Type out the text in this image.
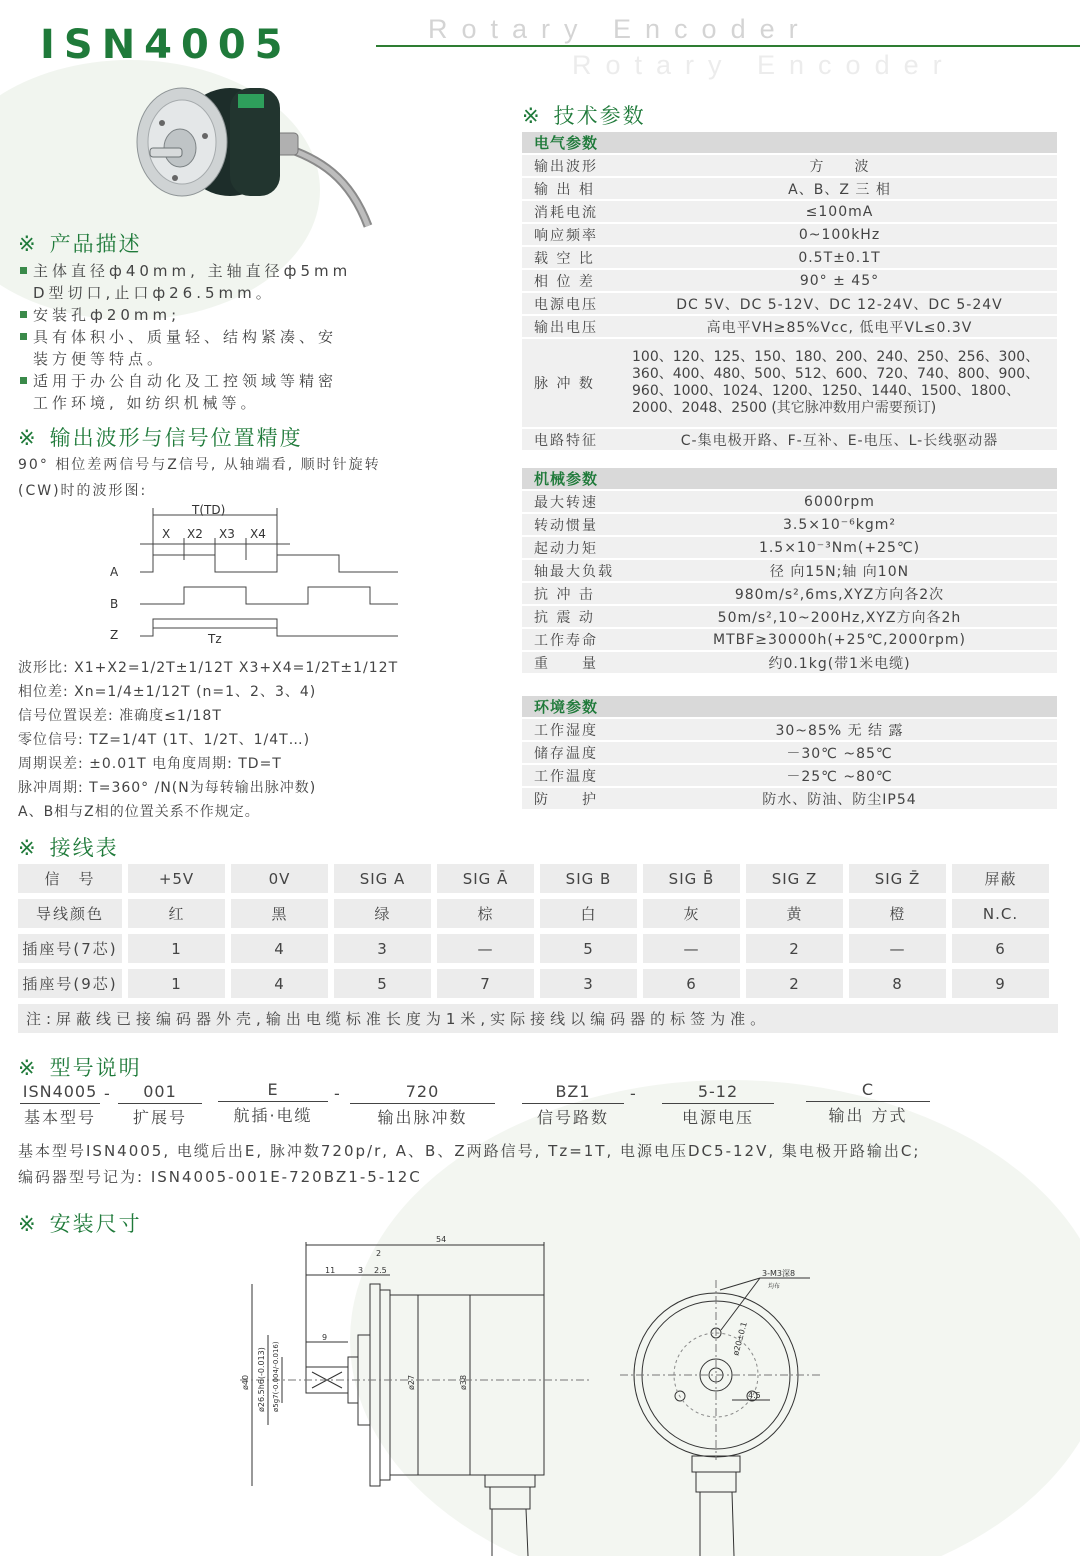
ISN4005	Rotary Encoder
Rotary Encoder
※ 产品描述
主体直径ф40mm, 主轴直径ф5mm
D型切口,止口ф26.5mm。
安装孔ф20mm;
具有体积小、质量轻、结构紧凑、安
装方便等特点。
适用于办公自动化及工控领域等精密
工作环境, 如纺织机械等。
※ 输出波形与信号位置精度
90° 相位差两信号与Z信号, 从轴端看, 顺时针旋转
(CW)时的波形图:
T(TD)
X X2 X3 X4
A
B
Z	Tz
波形比: X1+X2=1/2T±1/12T X3+X4=1/2T±1/12T
相位差: Xn=1/4±1/12T (n=1、2、3、4)
信号位置误差: 准确度≤1/18T
零位信号: TZ=1/4T (1T、1/2T、1/4T…)
周期误差: ±0.01T 电角度周期: TD=T
脉冲周期: T=360° /N(N为每转输出脉冲数)
A、B相与Z相的位置关系不作规定。
※ 技术参数
电气参数
输出波形	方　　波
输 出 相	A、B、Z 三 相
消耗电流	≤100mA
响应频率	0~100kHz
载 空 比	0.5T±0.1T
相 位 差	90° ± 45°
电源电压	DC 5V、DC 5-12V、DC 12-24V、DC 5-24V
输出电压	高电平VH≥85%Vcc, 低电平VL≤0.3V
脉 冲 数
100、120、125、150、180、200、240、250、256、300、360、400、480、500、512、600、720、740、800、900、960、1000、1024、1200、1250、1440、1500、1800、2000、2048、2500 (其它脉冲数用户需要预订)
电路特征	C-集电极开路、F-互补、E-电压、L-长线驱动器
机械参数
最大转速	6000rpm
转动惯量	3.5×10⁻⁶kgm²
起动力矩	1.5×10⁻³Nm(+25℃)
轴最大负载	径 向15N;轴 向10N
抗 冲 击	980m/s²,6ms,XYZ方向各2次
抗 震 动	50m/s²,10~200Hz,XYZ方向各2h
工作寿命	MTBF≥30000h(+25℃,2000rpm)
重　　量	约0.1kg(带1米电缆)
环境参数
工作湿度	30~85% 无 结 露
储存温度	－30℃ ~85℃
工作温度	－25℃ ~80℃
防　　护	防水、防油、防尘IP54
※ 接线表
信　号	+5V	0V	SIG A	SIG Ā	SIG B	SIG B̄	SIG Z	SIG Z̄	屏蔽
导线颜色	红	黑	绿	棕	白	灰	黄	橙	N.C.
插座号(7芯)	1	4	3	—	5	—	2	—	6
插座号(9芯)	1	4	5	7	3	6	2	8	9
注:屏蔽线已接编码器外壳,输出电缆标准长度为1米,实际接线以编码器的标签为准。
※ 型号说明
ISN4005
基本型号
-	001
扩展号
E
航插·电缆
-	720
输出脉冲数
BZ1
信号路数
-	5-12
电源电压
C
输出 方式
基本型号ISN4005, 电缆后出E, 脉冲数720p/r, A、B、Z两路信号, Tz=1T, 电源电压DC5-12V, 集电极开路输出C;
编码器型号记为: ISN4005-001E-720BZ1-5-12C
※ 安装尺寸
54
2
11	3 2.5
9
ø40 ø26.5h6(-0.013) ø5g7(-0.004/-0.016)	ø27	ø38
3-M3深8
均布
ø20±0.1
4.5
